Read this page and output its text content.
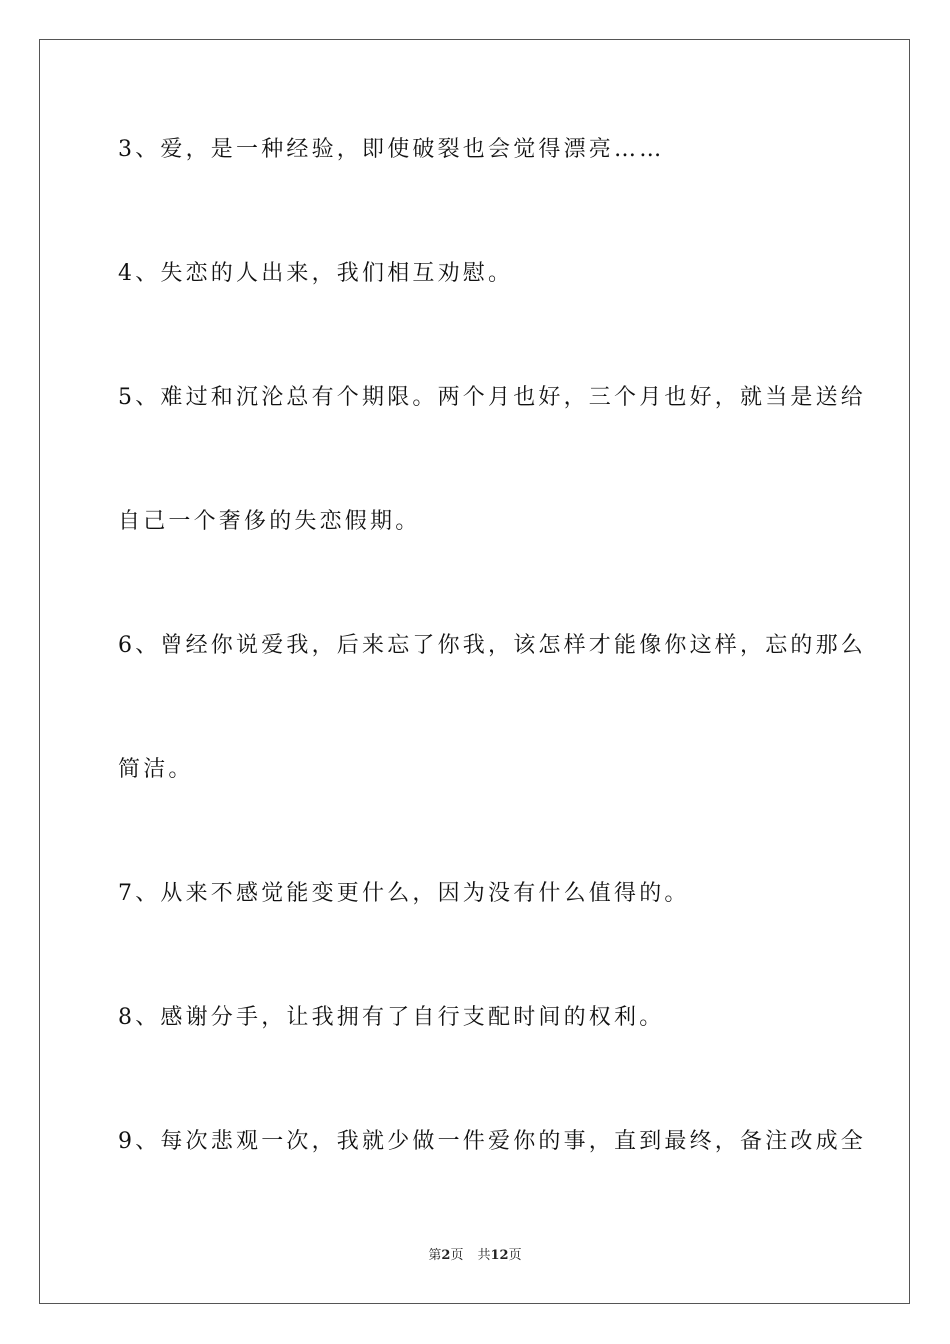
3、爱，是一种经验，即使破裂也会觉得漂亮……
4、失恋的人出来，我们相互劝慰。
5、难过和沉沦总有个期限。两个月也好，三个月也好，就当是送给
自己一个奢侈的失恋假期。
6、曾经你说爱我，后来忘了你我，该怎样才能像你这样，忘的那么
简洁。
7、从来不感觉能变更什么，因为没有什么值得的。
8、感谢分手，让我拥有了自行支配时间的权利。
9、每次悲观一次，我就少做一件爱你的事，直到最终，备注改成全
第2页 共12页
